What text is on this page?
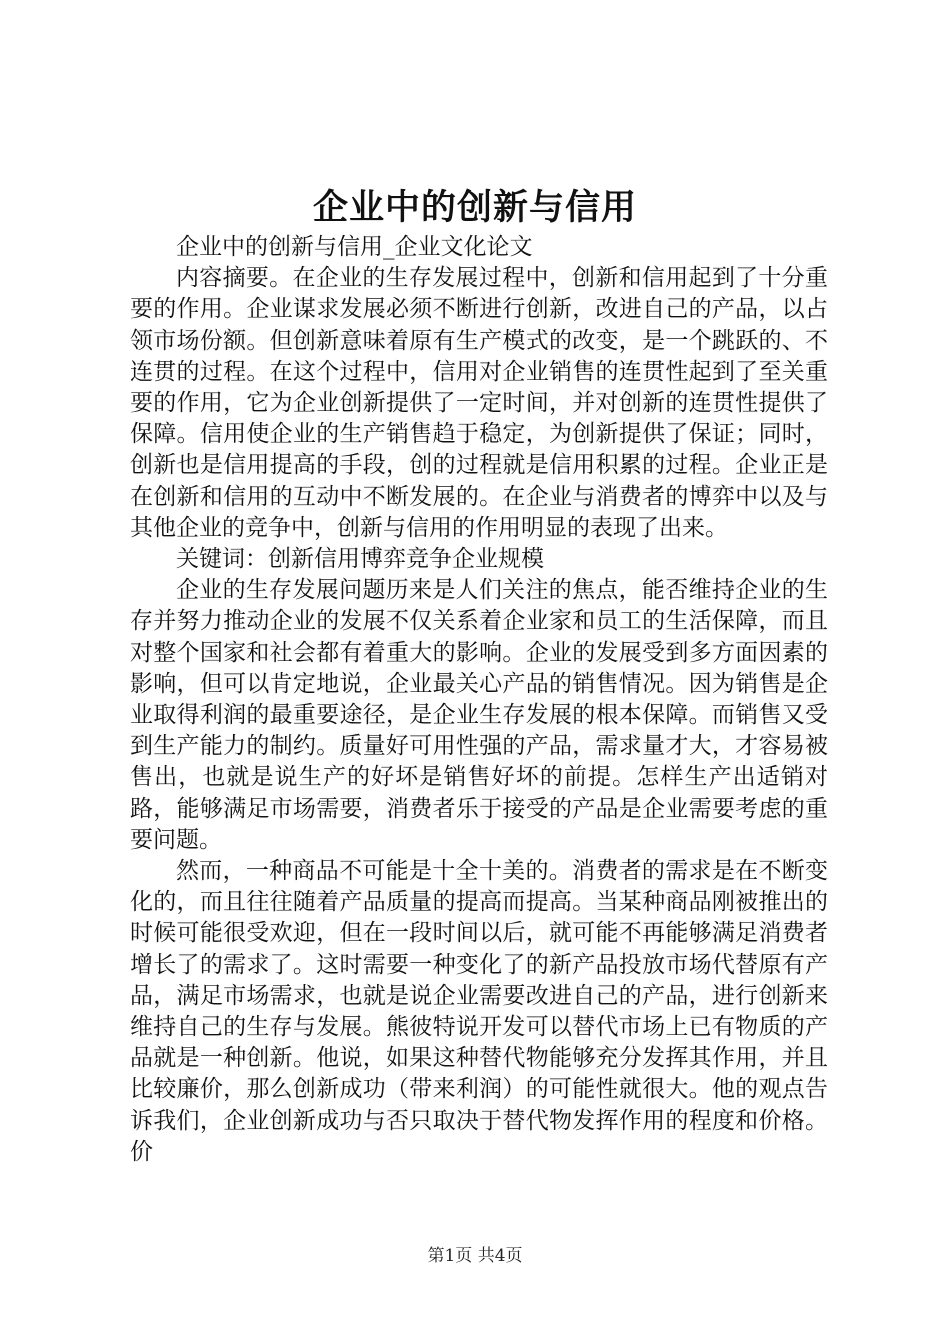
企业中的创新与信用

企业中的创新与信用_企业文化论文

内容摘要。在企业的生存发展过程中，创新和信用起到了十分重要的作用。企业谋求发展必须不断进行创新，改进自己的产品，以占领市场份额。但创新意味着原有生产模式的改变，是一个跳跃的、不连贯的过程。在这个过程中，信用对企业销售的连贯性起到了至关重要的作用，它为企业创新提供了一定时间，并对创新的连贯性提供了保障。信用使企业的生产销售趋于稳定，为创新提供了保证；同时，创新也是信用提高的手段，创的过程就是信用积累的过程。企业正是在创新和信用的互动中不断发展的。在企业与消费者的博弈中以及与其他企业的竞争中，创新与信用的作用明显的表现了出来。

关键词：创新信用博弈竞争企业规模

企业的生存发展问题历来是人们关注的焦点，能否维持企业的生存并努力推动企业的发展不仅关系着企业家和员工的生活保障，而且对整个国家和社会都有着重大的影响。企业的发展受到多方面因素的影响，但可以肯定地说，企业最关心产品的销售情况。因为销售是企业取得利润的最重要途径，是企业生存发展的根本保障。而销售又受到生产能力的制约。质量好可用性强的产品，需求量才大，才容易被售出，也就是说生产的好坏是销售好坏的前提。怎样生产出适销对路，能够满足市场需要，消费者乐于接受的产品是企业需要考虑的重要问题。

然而，一种商品不可能是十全十美的。消费者的需求是在不断变化的，而且往往随着产品质量的提高而提高。当某种商品刚被推出的时候可能很受欢迎，但在一段时间以后，就可能不再能够满足消费者增长了的需求了。这时需要一种变化了的新产品投放市场代替原有产品，满足市场需求，也就是说企业需要改进自己的产品，进行创新来维持自己的生存与发展。熊彼特说开发可以替代市场上已有物质的产品就是一种创新。他说，如果这种替代物能够充分发挥其作用，并且比较廉价，那么创新成功（带来利润）的可能性就很大。他的观点告诉我们，企业创新成功与否只取决于替代物发挥作用的程度和价格。价

第1页 共4页
